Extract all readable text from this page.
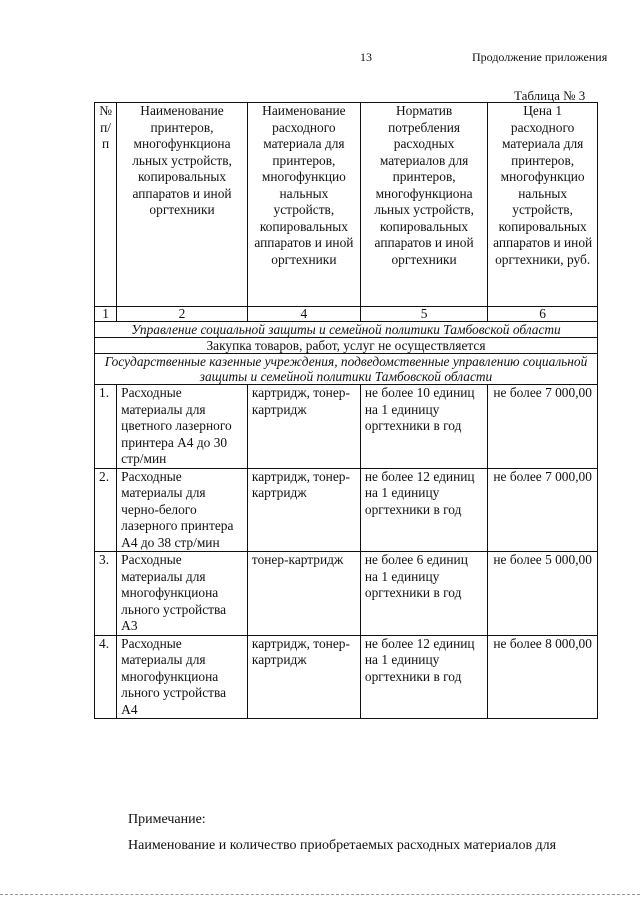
13	Продолжение приложения
Таблица № 3
№ п/ п	Наименование принтеров, многофункциона льных устройств, копировальных аппаратов и иной оргтехники	Наименование расходного материала для принтеров, многофункцио нальных устройств, копировальных аппаратов и иной оргтехники	Норматив потребления расходных материалов для принтеров, многофункциона льных устройств, копировальных аппаратов и иной оргтехники	Цена 1 расходного материала для принтеров, многофункцио нальных устройств, копировальных аппаратов и иной оргтехники, руб.
1	2	4	5	6
Управление социальной защиты и семейной политики Тамбовской области				
Закупка товаров, работ, услуг не осуществляется				
Государственные казенные учреждения, подведомственные управлению социальной защиты и семейной политики Тамбовской области				
1.	Расходные материалы для цветного лазерного принтера А4 до 30 стр/мин	картридж, тонер-картридж	не более 10 единиц на 1 единицу оргтехники в год	не более 7 000,00
2.	Расходные материалы для черно-белого лазерного принтера А4 до 38 стр/мин	картридж, тонер-картридж	не более 12 единиц на 1 единицу оргтехники в год	не более 7 000,00
3.	Расходные материалы для многофункциона льного устройства А3	тонер-картридж	не более 6 единиц на 1 единицу оргтехники в год	не более 5 000,00
4.	Расходные материалы для многофункциона льного устройства А4	картридж, тонер-картридж	не более 12 единиц на 1 единицу оргтехники в год	не более 8 000,00
Примечание:
Наименование и количество приобретаемых расходных материалов для
